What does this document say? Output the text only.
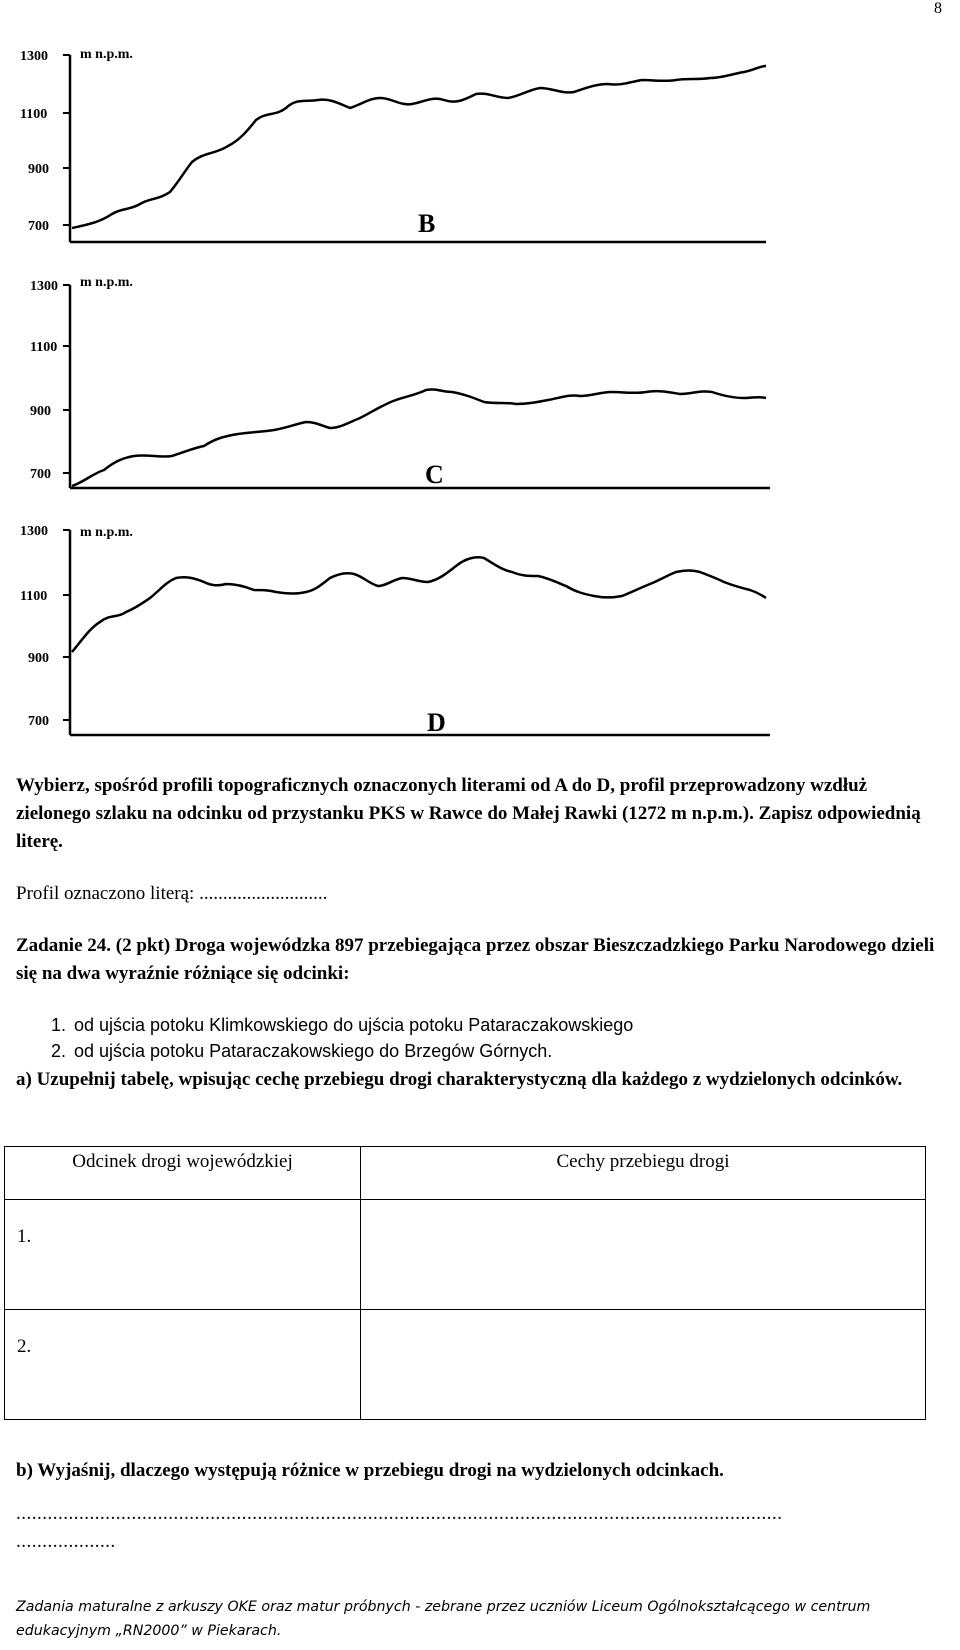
8
1300
1100
900
700
m n.p.m.
B
1300
1100
900
700
m n.p.m.
C
1300
1100
900
700
m n.p.m.
D
Wybierz, spośród profili topograficznych oznaczonych literami od A do D, profil przeprowadzony wzdłuż zielonego szlaku na odcinku od przystanku PKS w Rawce do Małej Rawki (1272 m n.p.m.). Zapisz odpowiednią literę.
Profil oznaczono literą: ...........................
Zadanie 24. (2 pkt) Droga wojewódzka 897 przebiegająca przez obszar Bieszczadzkiego Parku Narodowego dzieli się na dwa wyraźnie różniące się odcinki:
1. od ujścia potoku Klimkowskiego do ujścia potoku Pataraczakowskiego
2. od ujścia potoku Pataraczakowskiego do Brzegów Górnych.
a) Uzupełnij tabelę, wpisując cechę przebiegu drogi charakterystyczną dla każdego z wydzielonych odcinków.
Odcinek drogi wojewódzkiej	Cechy przebiegu drogi

1.	

2.	

b) Wyjaśnij, dlaczego występują różnice w przebiegu drogi na wydzielonych odcinkach.
..................................................................................................................................................
...................
Zadania maturalne z arkuszy OKE oraz matur próbnych - zebrane przez uczniów Liceum Ogólnokształcącego w centrum edukacyjnym „RN2000” w Piekarach.
